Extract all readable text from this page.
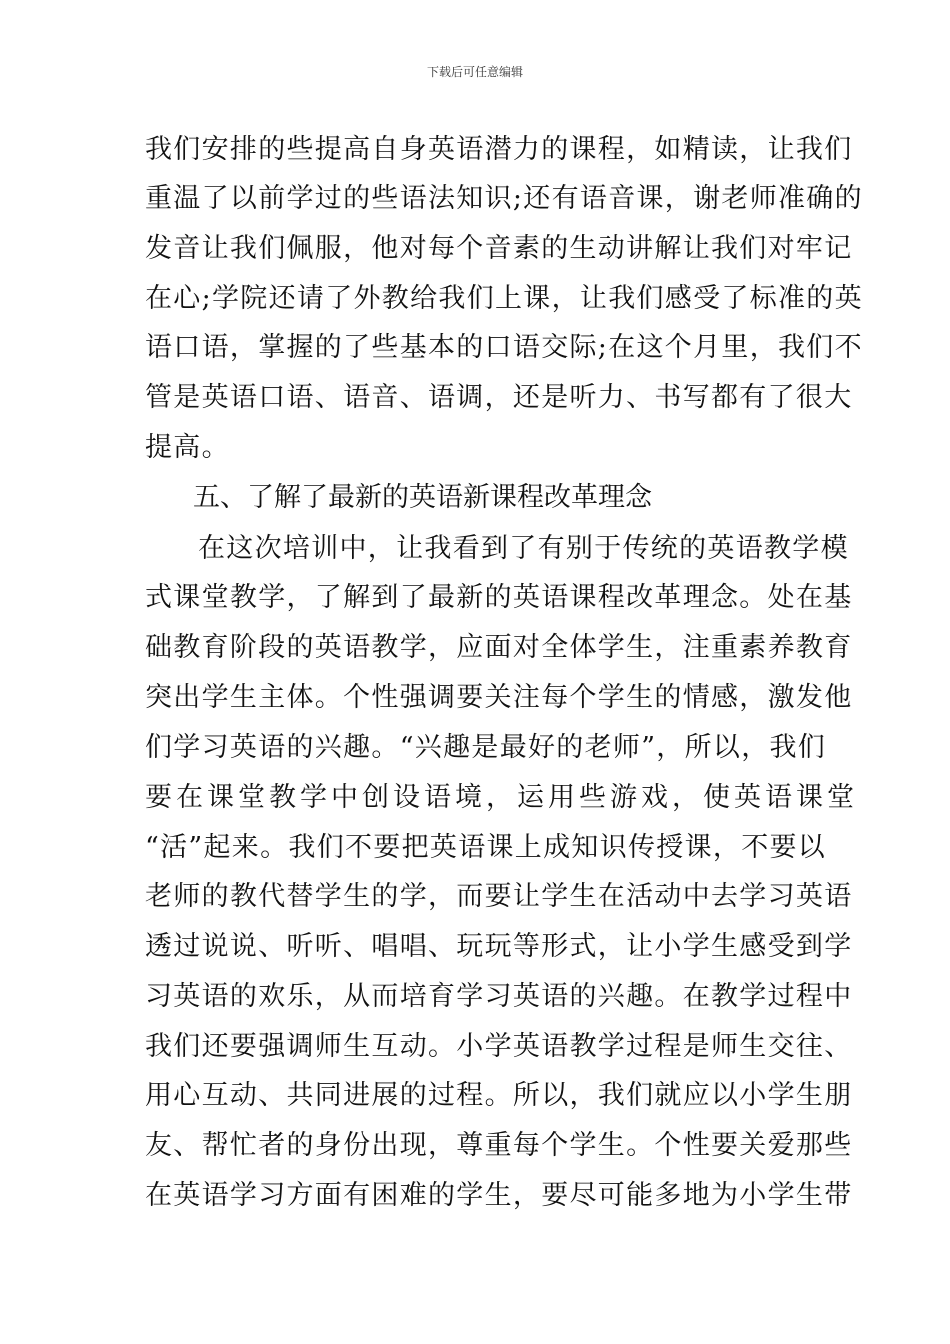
下载后可任意编辑
我们安排的些提高自身英语潜力的课程，如精读，让我们
重温了以前学过的些语法知识;还有语音课，谢老师准确的
发音让我们佩服，他对每个音素的生动讲解让我们对牢记
在心;学院还请了外教给我们上课，让我们感受了标准的英
语口语，掌握的了些基本的口语交际;在这个月里，我们不
管是英语口语、语音、语调，还是听力、书写都有了很大
提高。
五、了解了最新的英语新课程改革理念
在这次培训中，让我看到了有别于传统的英语教学模
式课堂教学，了解到了最新的英语课程改革理念。处在基
础教育阶段的英语教学，应面对全体学生，注重素养教育
突出学生主体。个性强调要关注每个学生的情感，激发他
们学习英语的兴趣。“兴趣是最好的老师”，所以，我们
要在课堂教学中创设语境，运用些游戏，使英语课堂
“活”起来。我们不要把英语课上成知识传授课，不要以
老师的教代替学生的学，而要让学生在活动中去学习英语
透过说说、听听、唱唱、玩玩等形式，让小学生感受到学
习英语的欢乐，从而培育学习英语的兴趣。在教学过程中
我们还要强调师生互动。小学英语教学过程是师生交往、
用心互动、共同进展的过程。所以，我们就应以小学生朋
友、帮忙者的身份出现，尊重每个学生。个性要关爱那些
在英语学习方面有困难的学生，要尽可能多地为小学生带
